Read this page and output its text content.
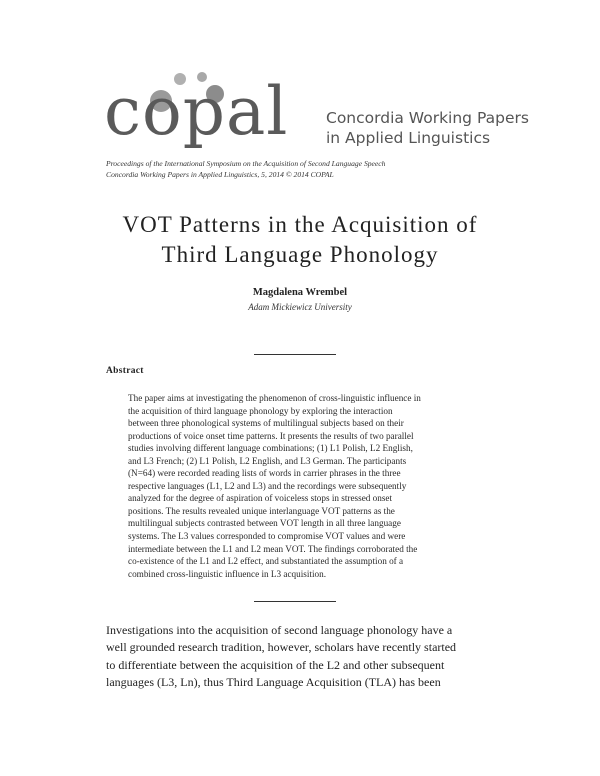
copal Concordia Working Papers
in Applied Linguistics
Proceedings of the International Symposium on the Acquisition of Second Language Speech
Concordia Working Papers in Applied Linguistics, 5, 2014 © 2014 COPAL
VOT Patterns in the Acquisition of
Third Language Phonology
Magdalena Wrembel
Adam Mickiewicz University
Abstract
The paper aims at investigating the phenomenon of cross-linguistic influence in
the acquisition of third language phonology by exploring the interaction
between three phonological systems of multilingual subjects based on their
productions of voice onset time patterns. It presents the results of two parallel
studies involving different language combinations; (1) L1 Polish, L2 English,
and L3 French; (2) L1 Polish, L2 English, and L3 German. The participants
(N=64) were recorded reading lists of words in carrier phrases in the three
respective languages (L1, L2 and L3) and the recordings were subsequently
analyzed for the degree of aspiration of voiceless stops in stressed onset
positions. The results revealed unique interlanguage VOT patterns as the
multilingual subjects contrasted between VOT length in all three language
systems. The L3 values corresponded to compromise VOT values and were
intermediate between the L1 and L2 mean VOT. The findings corroborated the
co-existence of the L1 and L2 effect, and substantiated the assumption of a
combined cross-linguistic influence in L3 acquisition.
Investigations into the acquisition of second language phonology have a
well grounded research tradition, however, scholars have recently started
to differentiate between the acquisition of the L2 and other subsequent
languages (L3, Ln), thus Third Language Acquisition (TLA) has been
